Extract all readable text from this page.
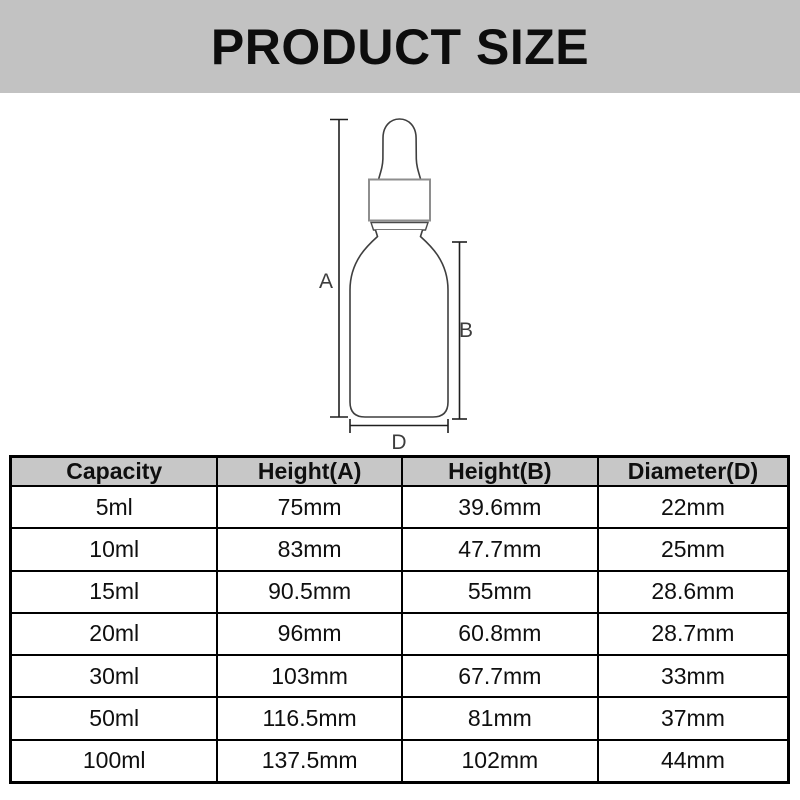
PRODUCT SIZE
A
B
D
Capacity	Height(A)	Height(B)	Diameter(D)
5ml	75mm	39.6mm	22mm
10ml	83mm	47.7mm	25mm
15ml	90.5mm	55mm	28.6mm
20ml	96mm	60.8mm	28.7mm
30ml	103mm	67.7mm	33mm
50ml	116.5mm	81mm	37mm
100ml	137.5mm	102mm	44mm
